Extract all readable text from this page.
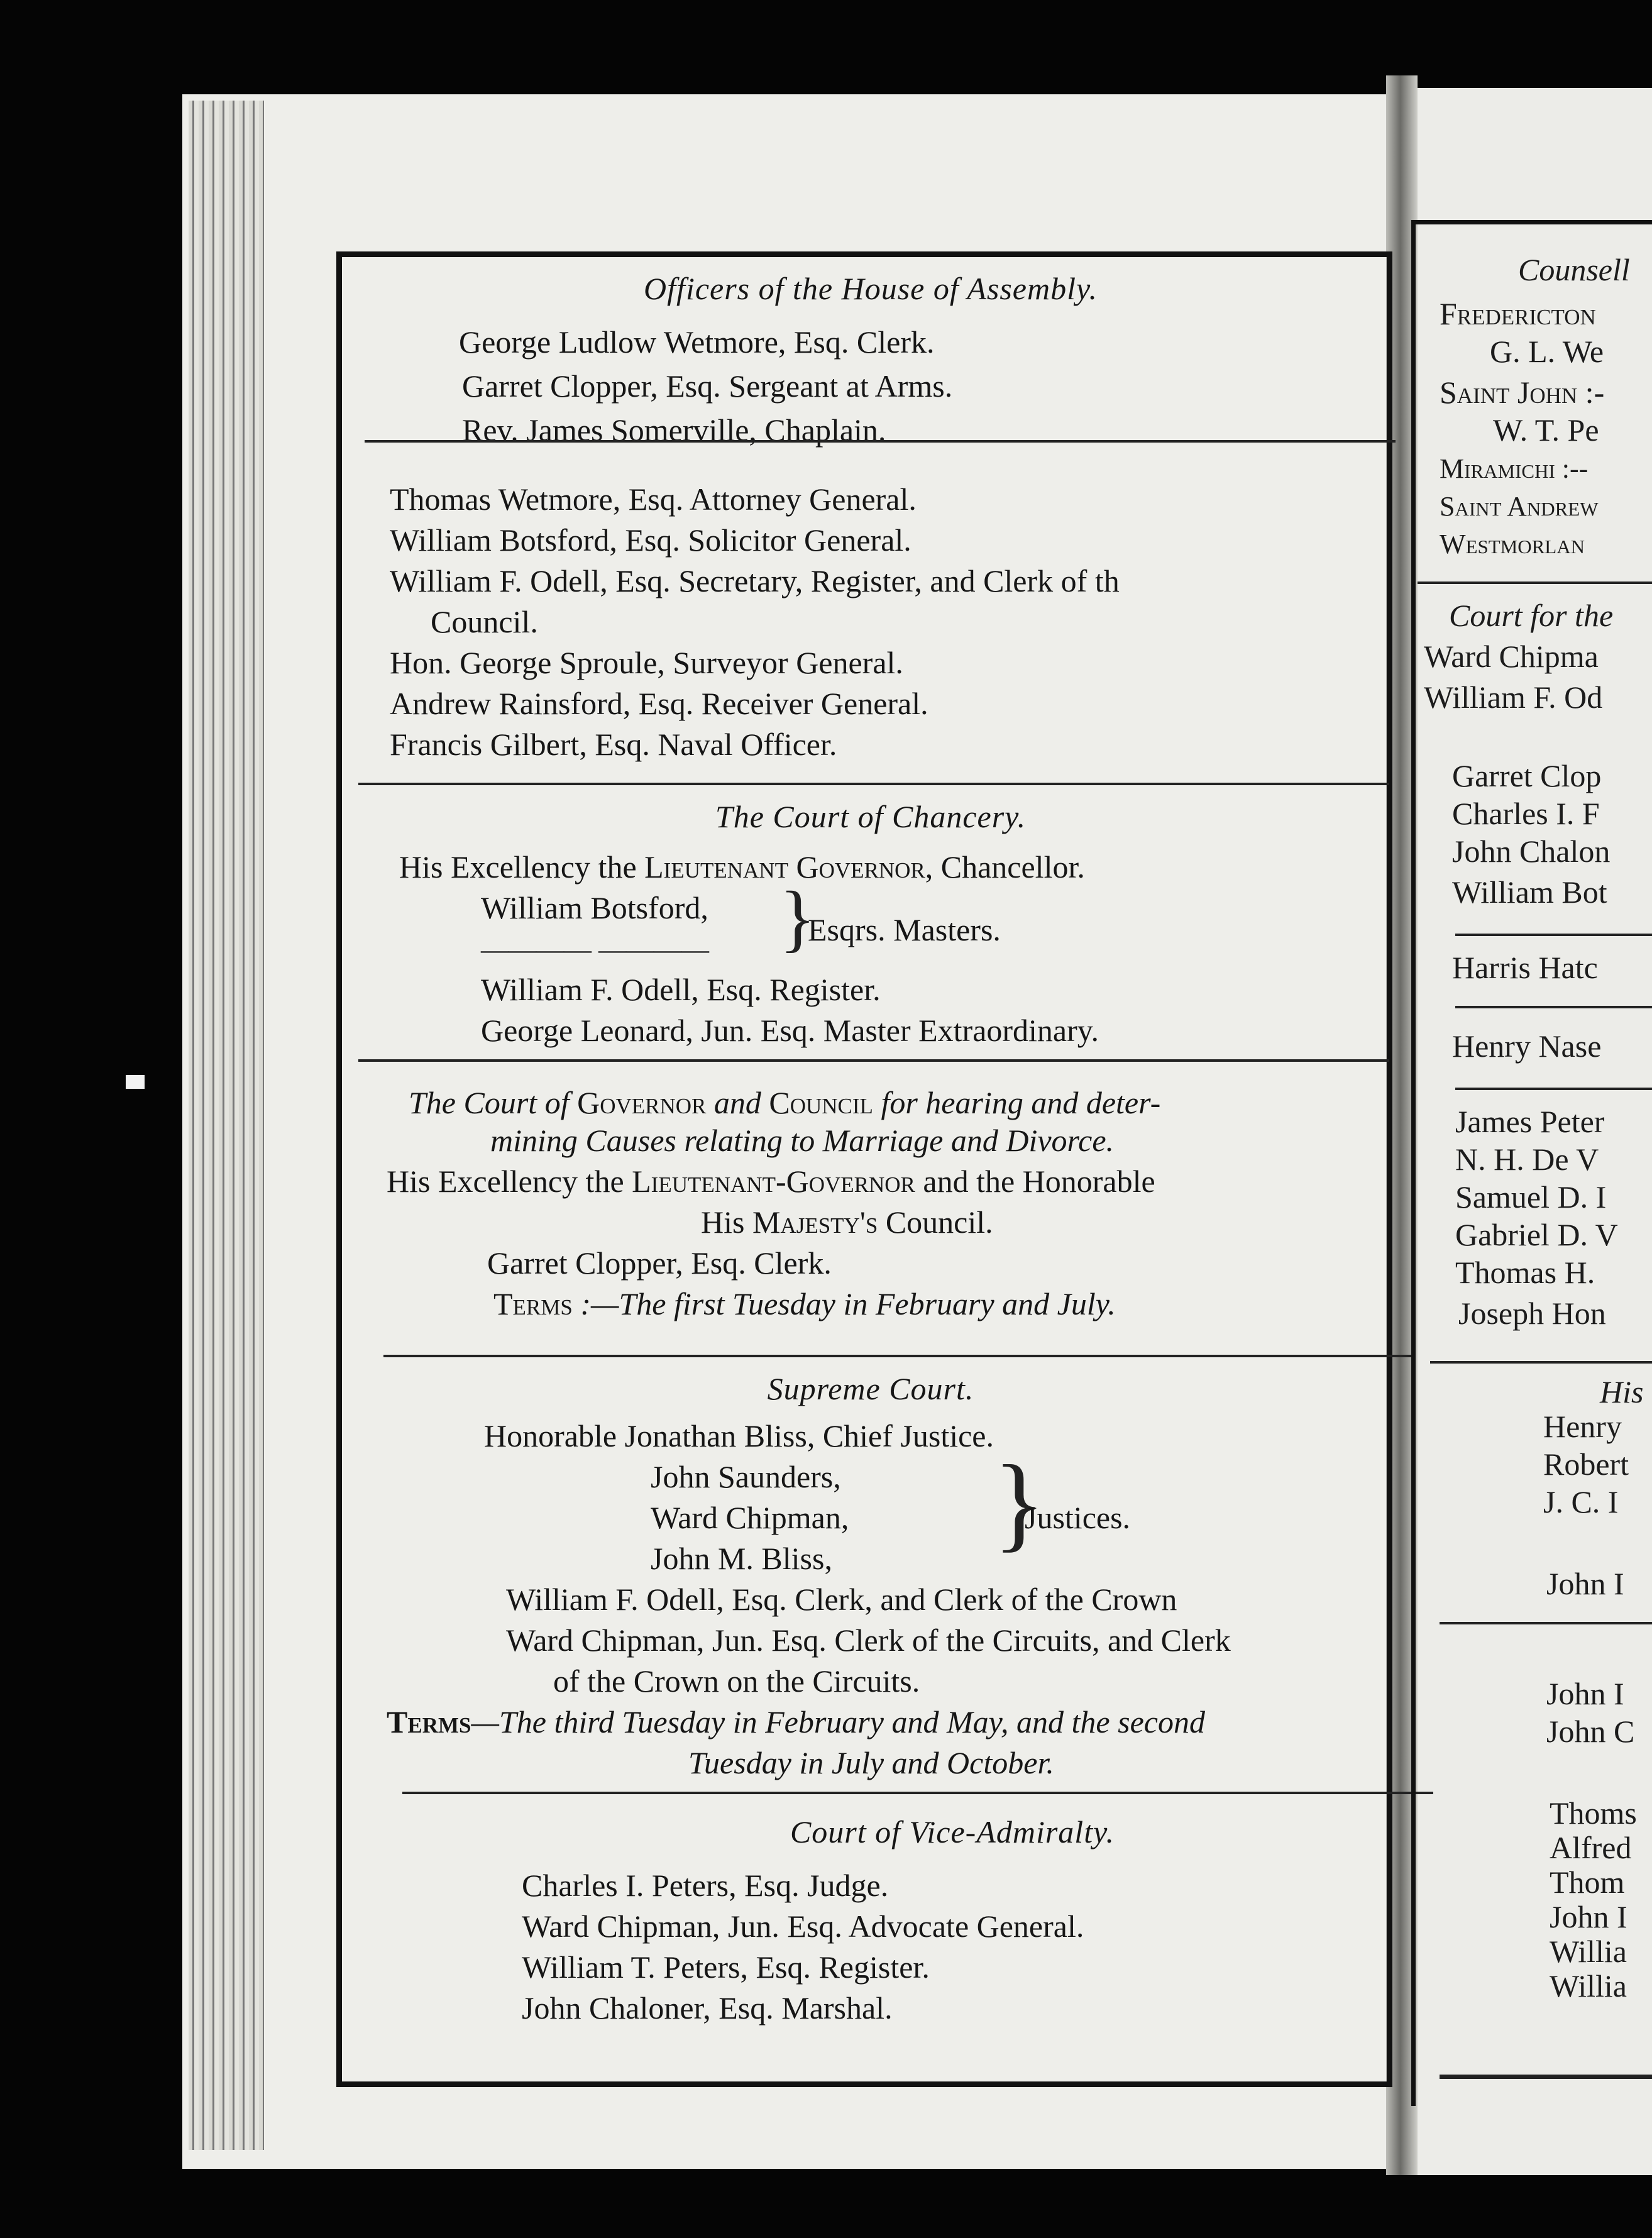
Officers of the House of Assembly.
George Ludlow Wetmore, Esq. Clerk.
Garret Clopper, Esq. Sergeant at Arms.
Rev. James Somerville, Chaplain.
Thomas Wetmore, Esq. Attorney General.
William Botsford, Esq. Solicitor General.
William F. Odell, Esq. Secretary, Register, and Clerk of th
Council.
Hon. George Sproule, Surveyor General.
Andrew Rainsford, Esq. Receiver General.
Francis Gilbert, Esq. Naval Officer.
The Court of Chancery.
His Excellency the Lieutenant Governor, Chancellor.
William Botsford,
———— ———— }
Esqrs. Masters.
William F. Odell, Esq. Register.
George Leonard, Jun. Esq. Master Extraordinary.
The Court of Governor and Council for hearing and deter-
mining Causes relating to Marriage and Divorce.
His Excellency the Lieutenant-Governor and the Honorable
His Majesty's Council.
Garret Clopper, Esq. Clerk.
Terms :—The first Tuesday in February and July.
Supreme Court.
Honorable Jonathan Bliss, Chief Justice.
John Saunders,
Ward Chipman,
John M. Bliss, }
Justices.
William F. Odell, Esq. Clerk, and Clerk of the Crown
Ward Chipman, Jun. Esq. Clerk of the Circuits, and Clerk
of the Crown on the Circuits.
Terms—The third Tuesday in February and May, and the second
Tuesday in July and October.
Court of Vice-Admiralty.
Charles I. Peters, Esq. Judge.
Ward Chipman, Jun. Esq. Advocate General.
William T. Peters, Esq. Register.
John Chaloner, Esq. Marshal.
Counsell
Fredericton
G. L. We
Saint John :-
W. T. Pe
Miramichi :--
Saint Andrew
Westmorlan
Court for the
Ward Chipma
William F. Od
Garret Clop
Charles I. F
John Chalon
William Bot
Harris Hatc
Henry Nase
James Peter
N. H. De V
Samuel D. I
Gabriel D. V
Thomas H.
Joseph Hon
His
Henry
Robert
J. C. I
John I
John I
John C
Thoms
Alfred
Thom
John I
Willia
Willia
